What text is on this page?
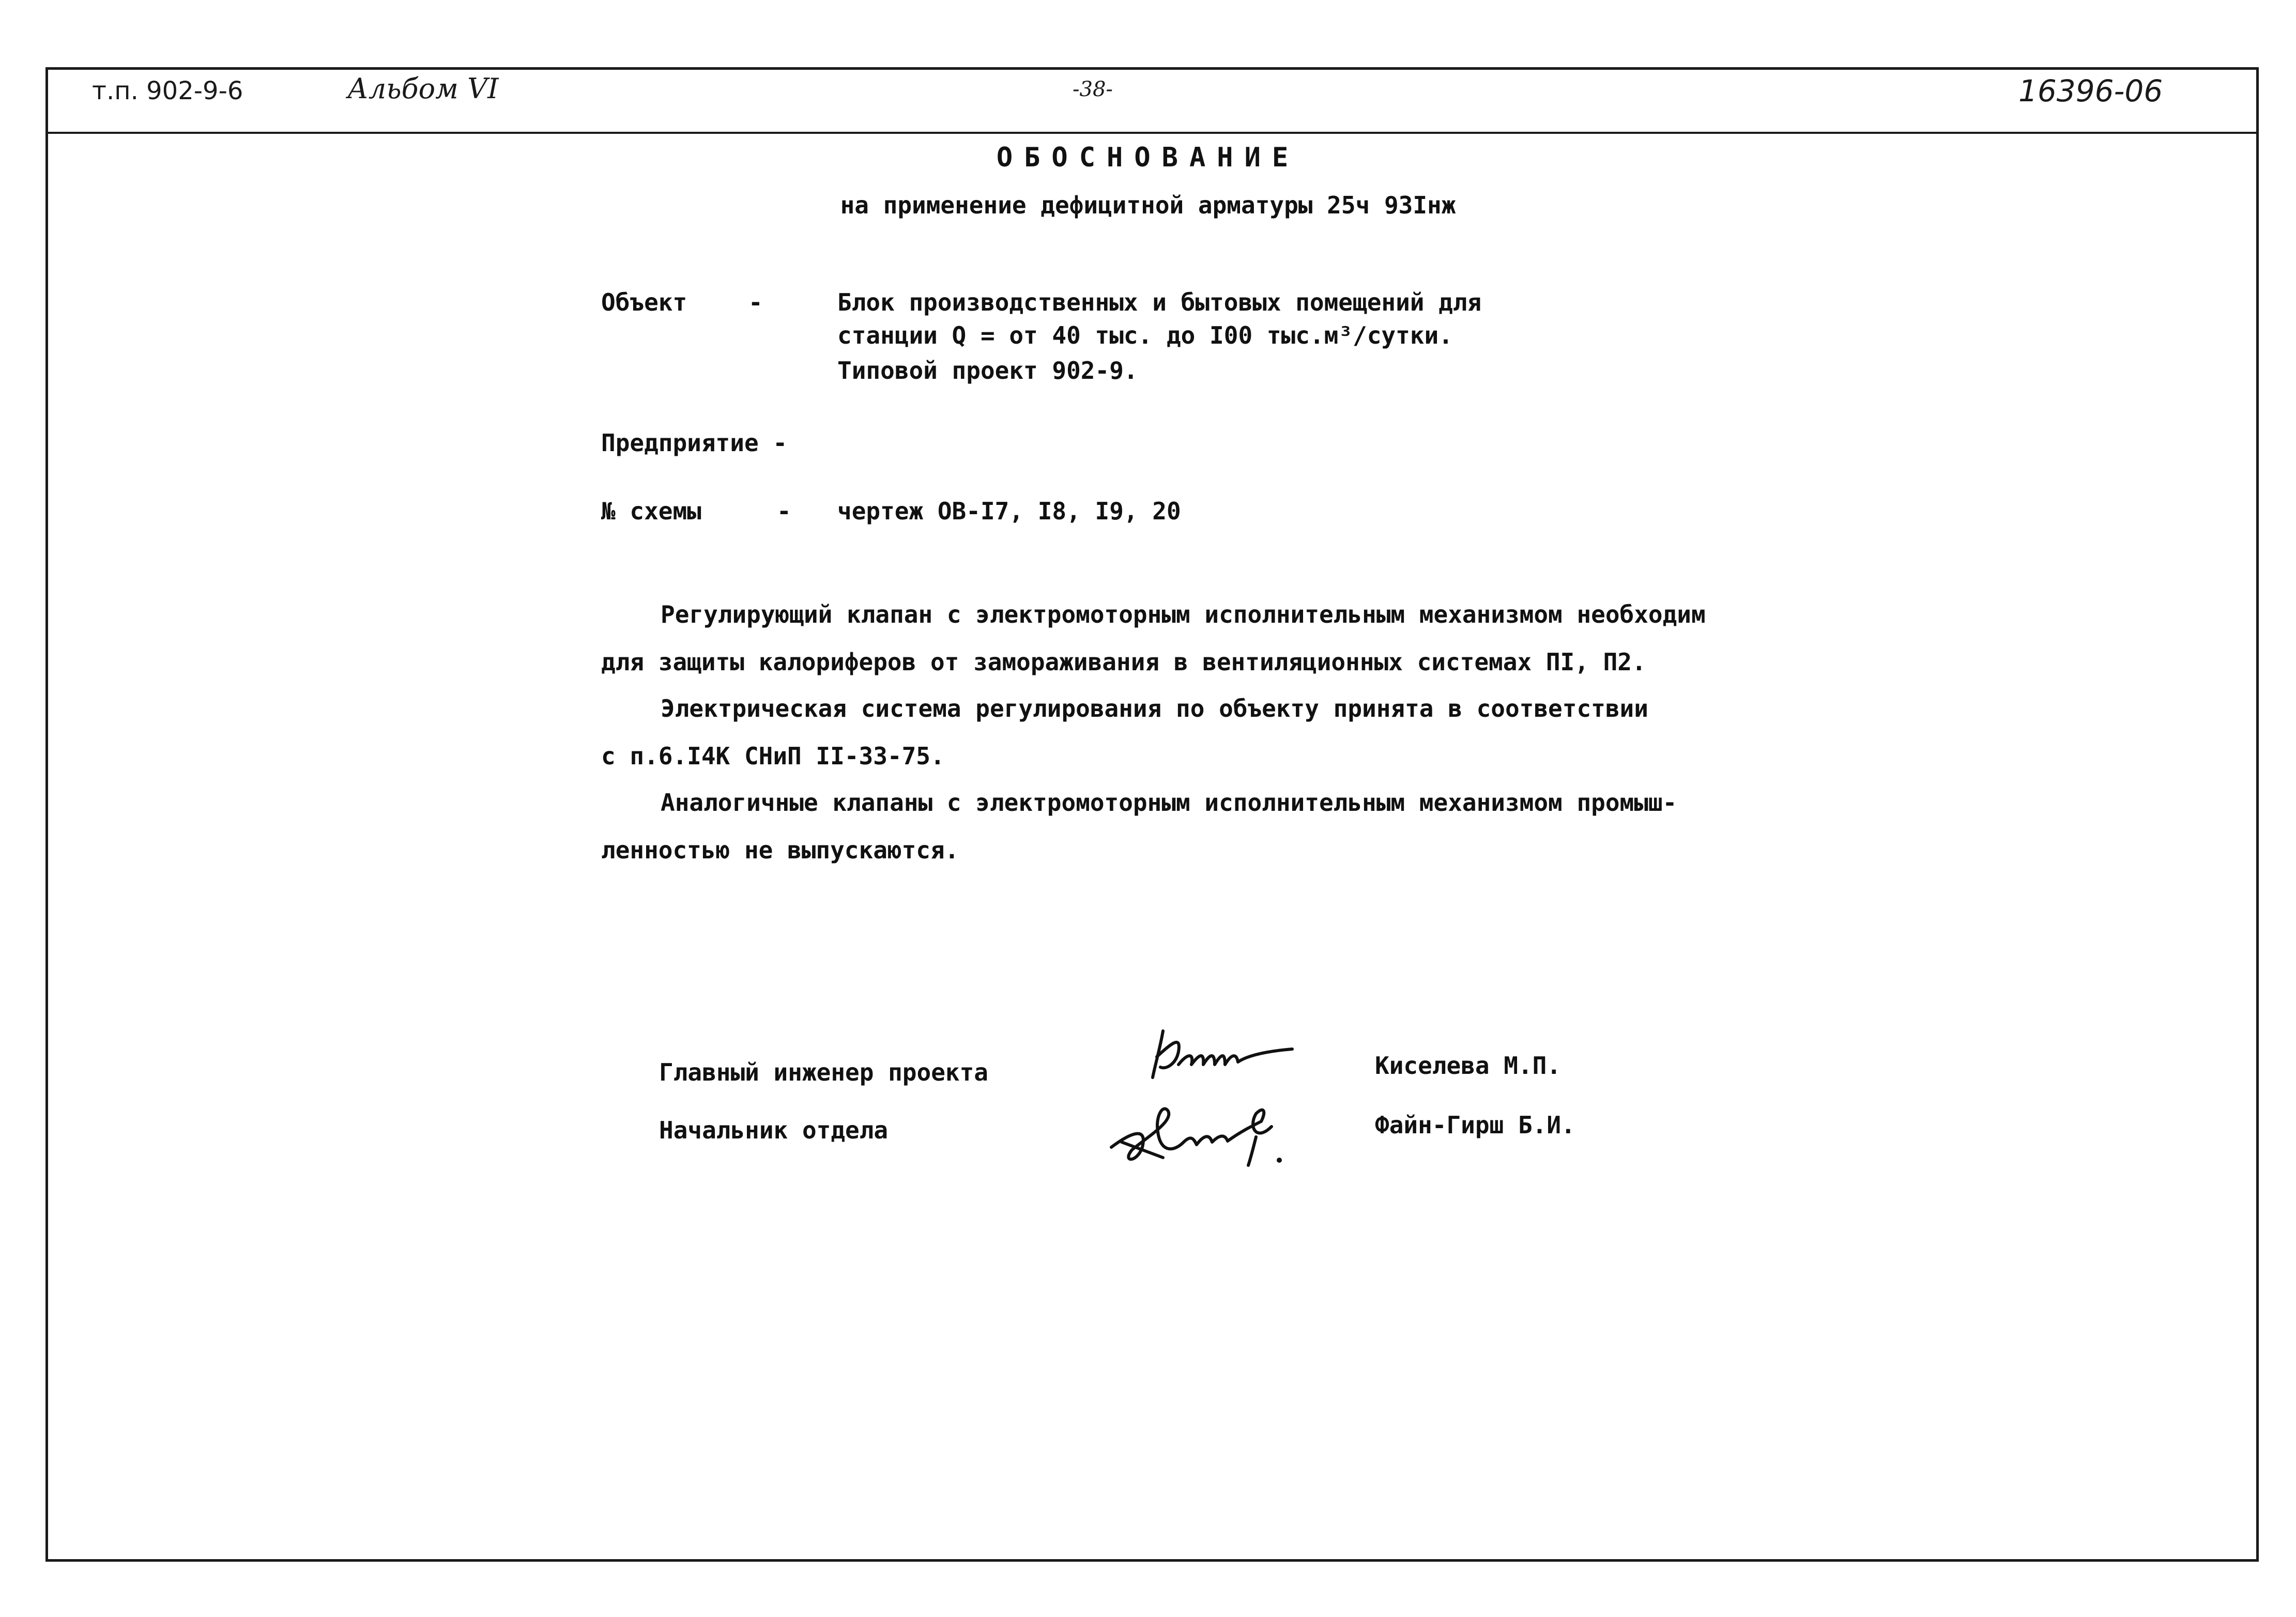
т.п. 902-9-6	Альбом VI	-38-	16396-06
ОБОСНОВАНИЕ
на применение дефицитной арматуры 25ч 93Iнж
Объект	-	Блок производственных и бытовых помещений для
станции Q = от 40 тыс. до I00 тыс.м³/сутки.
Типовой проект 902-9.
Предприятие -
№ схемы	- чертеж ОВ-I7, I8, I9, 20
Регулирующий клапан с электромоторным исполнительным механизмом необходим
для защиты калориферов от замораживания в вентиляционных системах ПI, П2.
Электрическая система регулирования по объекту принята в соответствии
с п.6.I4К СНиП II-33-75.
Аналогичные клапаны с электромоторным исполнительным механизмом промыш-
ленностью не выпускаются.
Главный инженер проекта	Киселева М.П.
Начальник отдела	Файн-Гирш Б.И.
